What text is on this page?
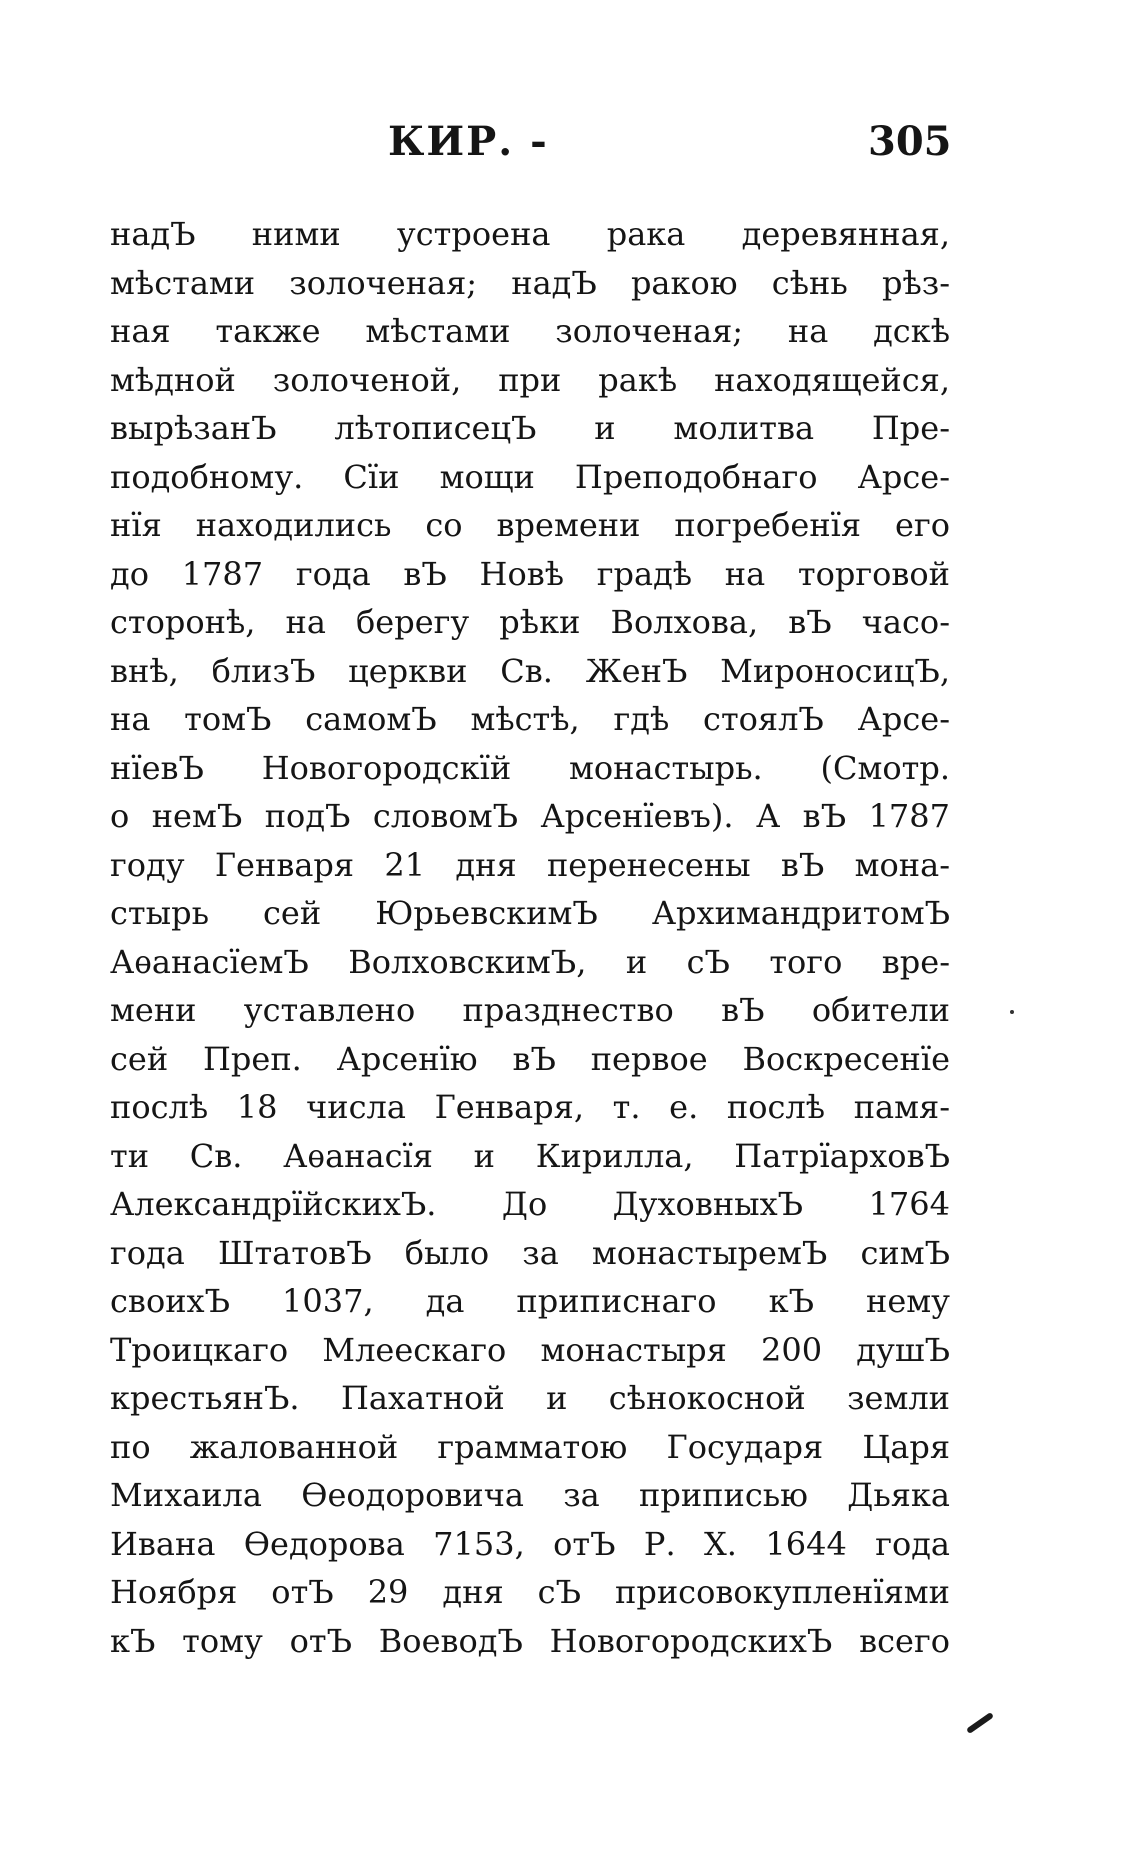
КИР. -	305
надЪ ними устроена рака деревянная,
мѣстами золоченая; надЪ ракою сѣнь рѣз-
ная также мѣстами золоченая; на дскѣ
мѣдной золоченой, при ракѣ находящейся,
вырѣзанЪ лѣтописецЪ и молитва Пре-
подобному. Сїи мощи Преподобнаго Арсе-
нїя находились со времени погребенїя его
до 1787 года вЪ Новѣ градѣ на торговой
сторонѣ, на берегу рѣки Волхова, вЪ часо-
внѣ, близЪ церкви Св. ЖенЪ МироносицЪ,
на томЪ самомЪ мѣстѣ, гдѣ стоялЪ Арсе-
нїевЪ Новогородскїй монастырь. (Смотр.
о немЪ подЪ словомЪ Арсенїевъ). А вЪ 1787
году Генваря 21 дня перенесены вЪ мона-
стырь сей ЮрьевскимЪ АрхимандритомЪ
АѳанасїемЪ ВолховскимЪ, и сЪ того вре-
мени уставлено празднество вЪ обители
сей Преп. Арсенїю вЪ первое Воскресенїе
послѣ 18 числа Генваря, т. е. послѣ памя-
ти Св. Аѳанасїя и Кирилла, ПатрїарховЪ
АлександрїйскихЪ. До ДуховныхЪ 1764
года ШтатовЪ было за монастыремЪ симЪ
своихЪ 1037, да приписнаго кЪ нему
Троицкаго Млеескаго монастыря 200 душЪ
крестьянЪ. Пахатной и сѣнокосной земли
по жалованной грамматою Государя Царя
Михаила Ѳеодоровича за приписью Дьяка
Ивана Ѳедорова 7153, отЪ Р. Х. 1644 года
Ноября отЪ 29 дня сЪ присовокупленїями
кЪ тому отЪ ВоеводЪ НовогородскихЪ всего
